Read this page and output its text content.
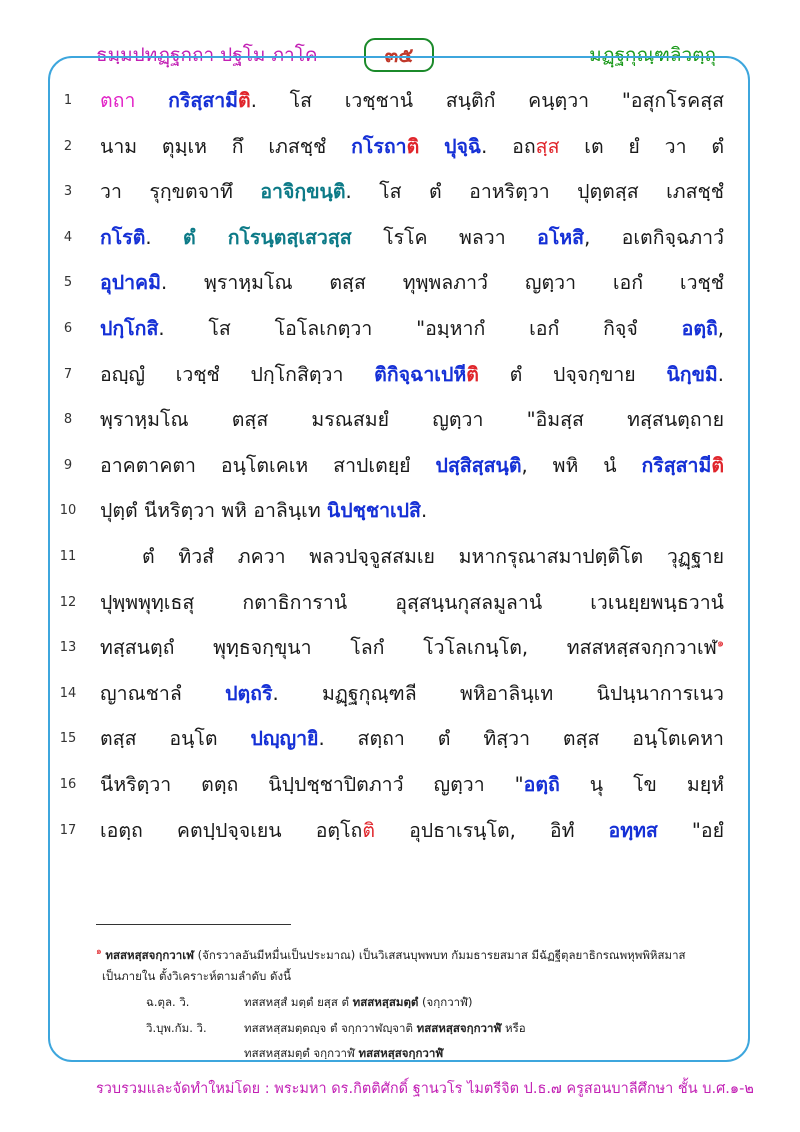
ธมฺมปทฏฺฐกถา ปฐโม ภาโค	๓๕	มฏฺฐกุณฺฑลิวตฺถุ
1	ตถา กริสฺสามีติ. โส เวชฺชานํ สนฺติกํ คนฺตฺวา "อสุกโรคสฺส
2	นาม ตุมฺเห กึ เภสชฺชํ กโรถาติ ปุจฺฉิ. อถสฺส เต ยํ วา ตํ
3	วา รุกฺขตจาทึ อาจิกฺขนฺติ. โส ตํ อาหริตฺวา ปุตฺตสฺส เภสชฺชํ
4	กโรติ. ตํ กโรนฺตสฺเสวสฺส โรโค พลวา อโหสิ, อเตกิจฺฉภาวํ
5	อุปาคมิ. พฺราหฺมโณ ตสฺส ทุพฺพลภาวํ ญตฺวา เอกํ เวชฺชํ
6	ปกฺโกสิ. โส โอโลเกตฺวา "อมฺหากํ เอกํ กิจฺจํ อตฺถิ,
7	อญฺญํ เวชฺชํ ปกฺโกสิตฺวา ติกิจฺฉาเปหีติ ตํ ปจฺจกฺขาย นิกฺขมิ.
8	พฺราหฺมโณ ตสฺส มรณสมยํ ญตฺวา "อิมสฺส ทสฺสนตฺถาย
9	อาคตาคตา อนฺโตเคเห สาปเตยฺยํ ปสฺสิสฺสนฺติ, พหิ นํ กริสฺสามีติ
10	ปุตฺตํ นีหริตฺวา พหิ อาลินฺเท นิปชฺชาเปสิ.
11	ตํ ทิวสํ ภควา พลวปจฺจูสสมเย มหากรุณาสมาปตฺติโต วุฏฺฐาย
12	ปุพฺพพุทฺเธสุ กตาธิการานํ อุสฺสนฺนกุสลมูลานํ เวเนยฺยพนฺธวานํ
13	ทสฺสนตฺถํ พุทฺธจกฺขุนา โลกํ โวโลเกนฺโต, ทสสหสฺสจกฺกวาเฬ$^๑$
14	ญาณชาลํ ปตฺถริ. มฏฺฐกุณฺฑลี พหิอาลินฺเท นิปนฺนาการเนว
15	ตสฺส อนฺโต ปญฺญายิ. สตฺถา ตํ ทิสฺวา ตสฺส อนฺโตเคหา
16	นีหริตฺวา ตตฺถ นิปฺปชฺชาปิตภาวํ ญตฺวา "อตฺถิ นุ โข มยฺหํ
17	เอตฺถ คตปฺปจฺจเยน อตฺโถติ อุปธาเรนฺโต, อิทํ อทฺทส "อยํ
$^๑$ ทสสหสฺสจกฺกวาเฬ (จักรวาลอันมีหมื่นเป็นประมาณ) เป็นวิเสสนบุพพบท กัมมธารยสมาส มีฉัฏฐีตุลยาธิกรณพหุพพิหิสมาส
เป็นภายใน ตั้งวิเคราะห์ตามลำดับ ดังนี้
ฉ.ตุล. วิ.	ทสสหสฺสํ มตฺตํ ยสฺส ตํ ทสสหสฺสมตฺตํ (จกฺกวาฬํ)
วิ.บุพ.กัม. วิ.	ทสสหสฺสมตฺตญฺจ ตํ จกฺกวาฬญฺจาติ ทสสหสฺสจกฺกวาฬํ หรือ
ทสสหสฺสมตฺตํ จกฺกวาฬํ ทสสหสฺสจกฺกวาฬํ
รวบรวมและจัดทำใหม่โดย : พระมหา ดร.กิตติศักดิ์ ฐานวโร ไมตรีจิต ป.ธ.๗ ครูสอนบาลีศึกษา ชั้น บ.ศ.๑-๒
